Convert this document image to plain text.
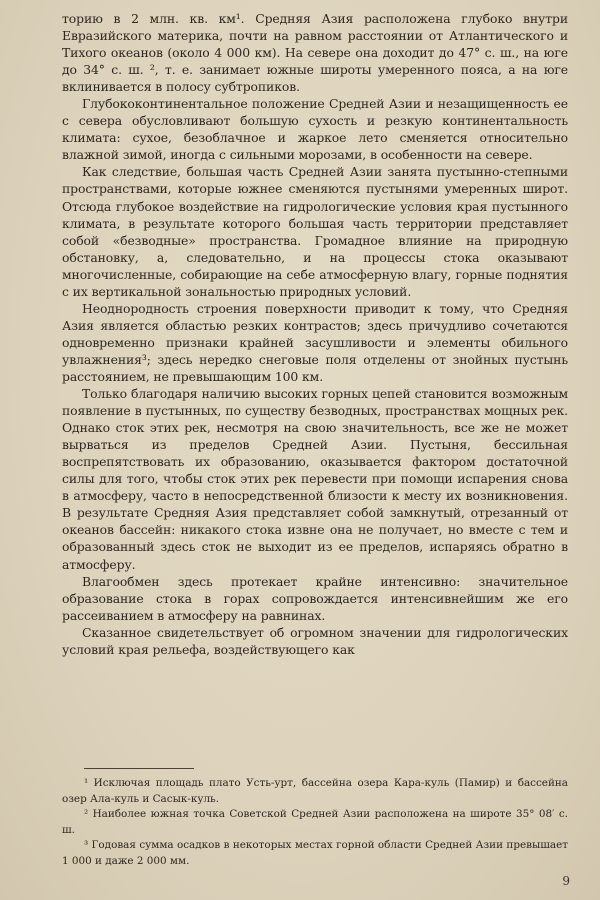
торию в 2 млн. кв. км¹. Средняя Азия расположена глубоко внутри Евразийского материка, почти на равном расстоянии от Атлантического и Тихого океанов (около 4 000 км). На севере она доходит до 47° с. ш., на юге до 34° с. ш. ², т. е. занимает южные широты умеренного пояса, а на юге вклинивается в полосу субтропиков.

Глубококонтинентальное положение Средней Азии и незащищенность ее с севера обусловливают большую сухость и резкую континентальность климата: сухое, безоблачное и жаркое лето сменяется относительно влажной зимой, иногда с сильными морозами, в особенности на севере.

Как следствие, большая часть Средней Азии занята пустынно-степными пространствами, которые южнее сменяются пустынями умеренных широт. Отсюда глубокое воздействие на гидрологические условия края пустынного климата, в результате которого большая часть территории представляет собой «безводные» пространства. Громадное влияние на природную обстановку, а, следовательно, и на процессы стока оказывают многочисленные, собирающие на себе атмосферную влагу, горные поднятия с их вертикальной зональностью природных условий.

Неоднородность строения поверхности приводит к тому, что Средняя Азия является областью резких контрастов; здесь причудливо сочетаются одновременно признаки крайней засушливости и элементы обильного увлажнения³; здесь нередко снеговые поля отделены от знойных пустынь расстоянием, не превышающим 100 км.

Только благодаря наличию высоких горных цепей становится возможным появление в пустынных, по существу безводных, пространствах мощных рек. Однако сток этих рек, несмотря на свою значительность, все же не может вырваться из пределов Средней Азии. Пустыня, бессильная воспрепятствовать их образованию, оказывается фактором достаточной силы для того, чтобы сток этих рек перевести при помощи испарения снова в атмосферу, часто в непосредственной близости к месту их возникновения. В результате Средняя Азия представляет собой замкнутый, отрезанный от океанов бассейн: никакого стока извне она не получает, но вместе с тем и образованный здесь сток не выходит из ее пределов, испаряясь обратно в атмосферу.

Влагообмен здесь протекает крайне интенсивно: значительное образование стока в горах сопровождается интенсивнейшим же его рассеиванием в атмосферу на равнинах.

Сказанное свидетельствует об огромном значении для гидрологических условий края рельефа, воздействующего как

¹ Исключая площадь плато Усть-урт, бассейна озера Кара-куль (Памир) и бассейна озер Ала-куль и Сасык-куль.

² Наиболее южная точка Советской Средней Азии расположена на широте 35° 08′ с. ш.

³ Годовая сумма осадков в некоторых местах горной области Средней Азии превышает 1 000 и даже 2 000 мм.

9
